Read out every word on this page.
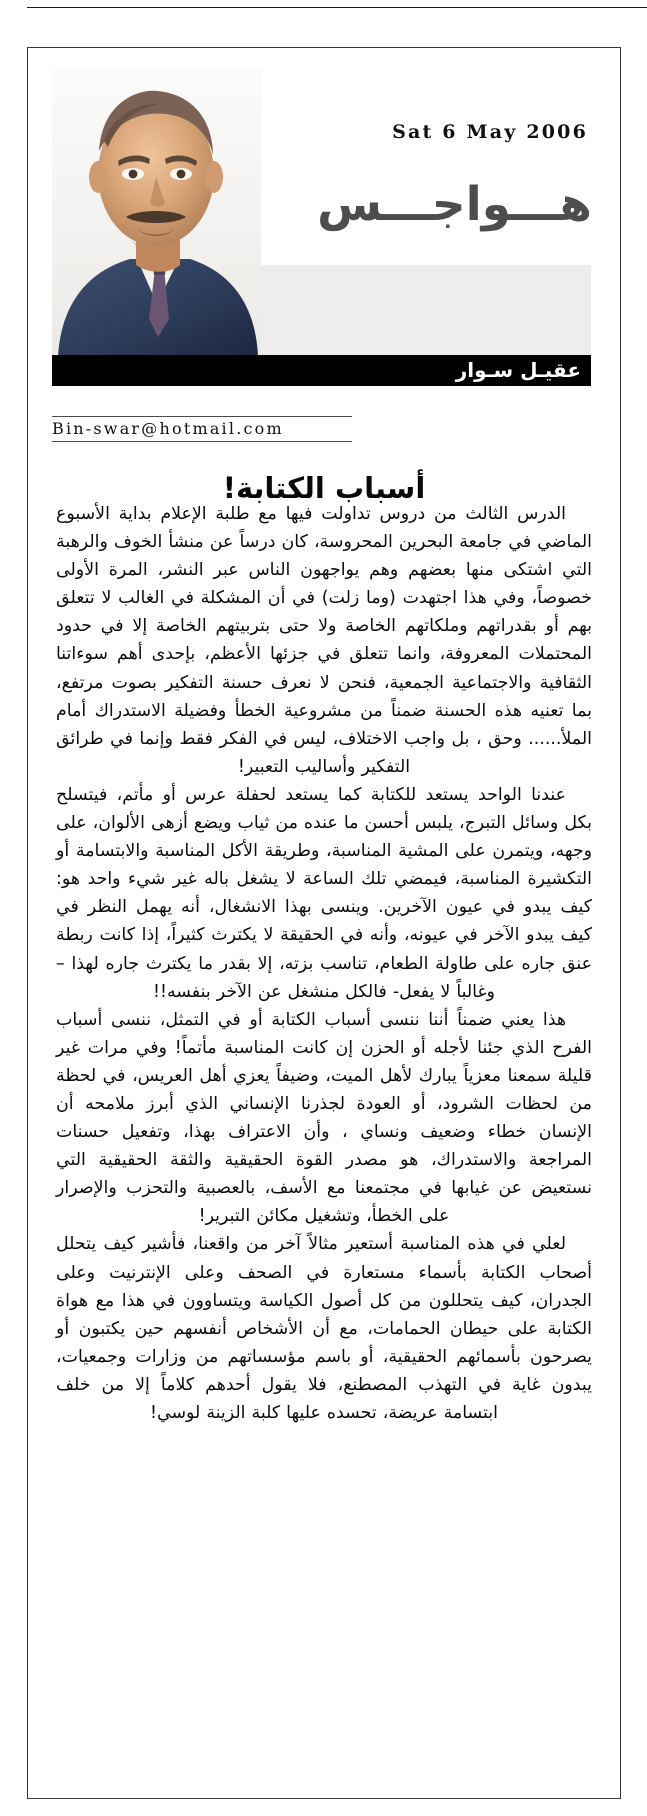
Sat 6 May 2006
هـــواجـــس
عقيـل سـوار
Bin-swar@hotmail.com
أسباب الكتابة!

الدرس الثالث من دروس تداولت فيها مع طلبة الإعلام بداية الأسبوع الماضي في جامعة البحرين المحروسة، كان درساً عن منشأ الخوف والرهبة التي اشتكى منها بعضهم وهم يواجهون الناس عبر النشر، المرة الأولى خصوصاً، وفي هذا اجتهدت (وما زلت) في أن المشكلة في الغالب لا تتعلق بهم أو بقدراتهم وملكاتهم الخاصة ولا حتى بتربيتهم الخاصة إلا في حدود المحتملات المعروفة، وانما تتعلق في جزئها الأعظم، بإحدى أهم سوءاتنا الثقافية والاجتماعية الجمعية، فنحن لا نعرف حسنة التفكير بصوت مرتفع، بما تعنيه هذه الحسنة ضمناً من مشروعية الخطأ وفضيلة الاستدراك أمام الملأ...... وحق ، بل واجب الاختلاف، ليس في الفكر فقط وإنما في طرائق التفكير وأساليب التعبير!

عندنا الواحد يستعد للكتابة كما يستعد لحفلة عرس أو مأتم، فيتسلح بكل وسائل التبرج، يلبس أحسن ما عنده من ثياب ويضع أزهى الألوان، على وجهه، ويتمرن على المشية المناسبة، وطريقة الأكل المناسبة والابتسامة أو التكشيرة المناسبة، فيمضي تلك الساعة لا يشغل باله غير شيء واحد هو: كيف يبدو في عيون الآخرين. وينسى بهذا الانشغال، أنه يهمل النظر في كيف يبدو الآخر في عيونه، وأنه في الحقيقة لا يكترث كثيراً، إذا كانت ربطة عنق جاره على طاولة الطعام، تناسب بزته، إلا بقدر ما يكترث جاره لهذا – وغالباً لا يفعل- فالكل منشغل عن الآخر بنفسه!!

هذا يعني ضمناً أننا ننسى أسباب الكتابة أو في التمثل، ننسى أسباب الفرح الذي جئنا لأجله أو الحزن إن كانت المناسبة مأتماً! وفي مرات غير قليلة سمعنا معزياً يبارك لأهل الميت، وضيفاً يعزي أهل العريس، في لحظة من لحظات الشرود، أو العودة لجذرنا الإنساني الذي أبرز ملامحه أن الإنسان خطاء وضعيف ونساي ، وأن الاعتراف بهذا، وتفعيل حسنات المراجعة والاستدراك، هو مصدر القوة الحقيقية والثقة الحقيقية التي نستعيض عن غيابها في مجتمعنا مع الأسف، بالعصبية والتحزب والإصرار على الخطأ، وتشغيل مكائن التبرير!

لعلي في هذه المناسبة أستعير مثالاً آخر من واقعنا، فأشير كيف يتحلل أصحاب الكتابة بأسماء مستعارة في الصحف وعلى الإنترنيت وعلى الجدران، كيف يتحللون من كل أصول الكياسة ويتساوون في هذا مع هواة الكتابة على حيطان الحمامات، مع أن الأشخاص أنفسهم حين يكتبون أو يصرحون بأسمائهم الحقيقية، أو باسم مؤسساتهم من وزارات وجمعيات، يبدون غاية في التهذب المصطنع، فلا يقول أحدهم كلاماً إلا من خلف ابتسامة عريضة، تحسده عليها كلبة الزينة لوسي!
